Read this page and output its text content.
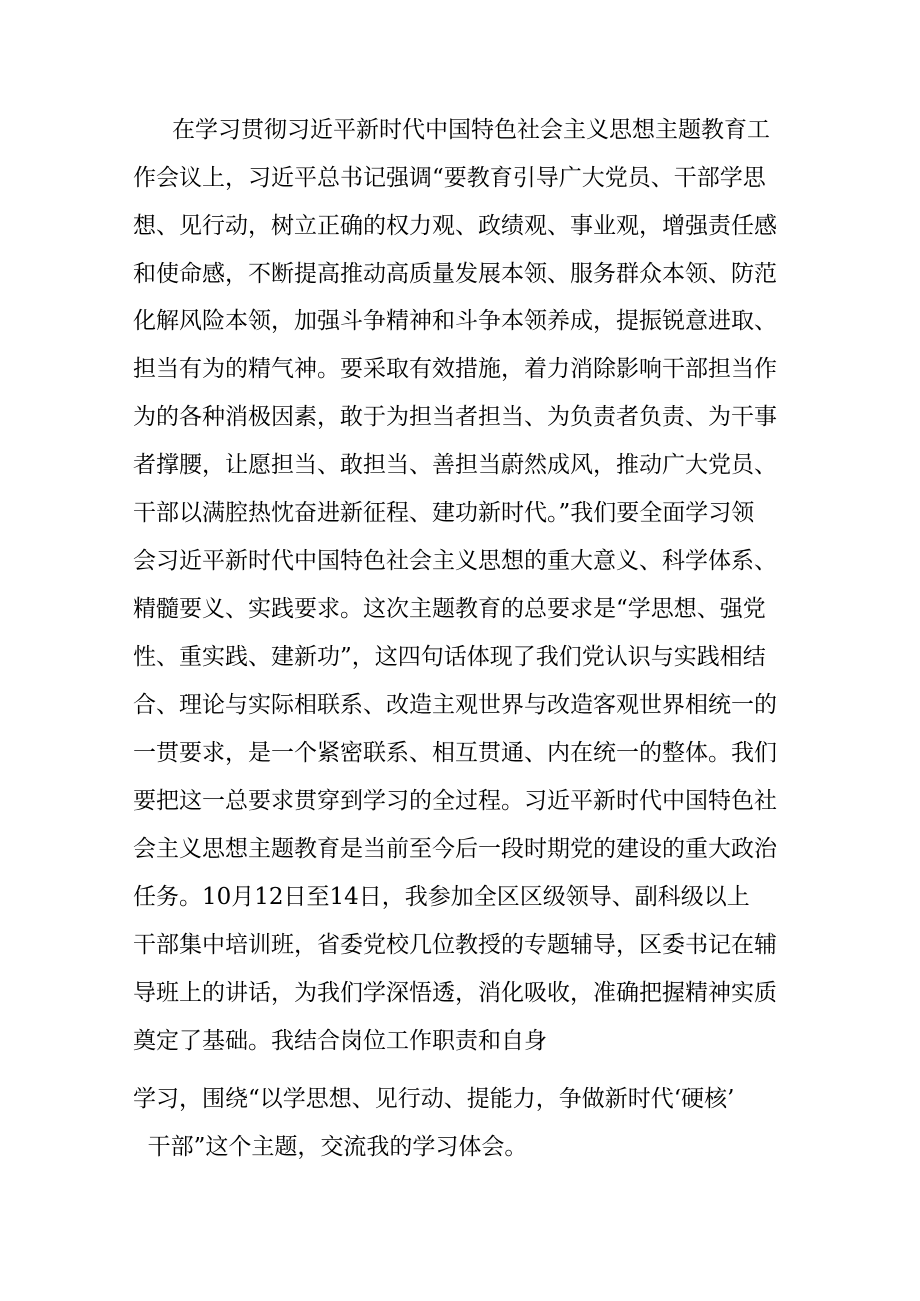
在学习贯彻习近平新时代中国特色社会主义思想主题教育工

作会议上，习近平总书记强调“要教育引导广大党员、干部学思

想、见行动，树立正确的权力观、政绩观、事业观，增强责任感

和使命感，不断提高推动高质量发展本领、服务群众本领、防范

化解风险本领，加强斗争精神和斗争本领养成，提振锐意进取、

担当有为的精气神。要采取有效措施，着力消除影响干部担当作

为的各种消极因素，敢于为担当者担当、为负责者负责、为干事

者撑腰，让愿担当、敢担当、善担当蔚然成风，推动广大党员、

干部以满腔热忱奋进新征程、建功新时代。”我们要全面学习领

会习近平新时代中国特色社会主义思想的重大意义、科学体系、

精髓要义、实践要求。这次主题教育的总要求是“学思想、强党

性、重实践、建新功”，这四句话体现了我们党认识与实践相结

合、理论与实际相联系、改造主观世界与改造客观世界相统一的

一贯要求，是一个紧密联系、相互贯通、内在统一的整体。我们

要把这一总要求贯穿到学习的全过程。习近平新时代中国特色社

会主义思想主题教育是当前至今后一段时期党的建设的重大政治

任务。10月12日至14日，我参加全区区级领导、副科级以上

干部集中培训班，省委党校几位教授的专题辅导，区委书记在辅

导班上的讲话，为我们学深悟透，消化吸收，准确把握精神实质

奠定了基础。我结合岗位工作职责和自身

学习，围绕“以学思想、见行动、提能力，争做新时代‘硬核’

干部”这个主题，交流我的学习体会。
